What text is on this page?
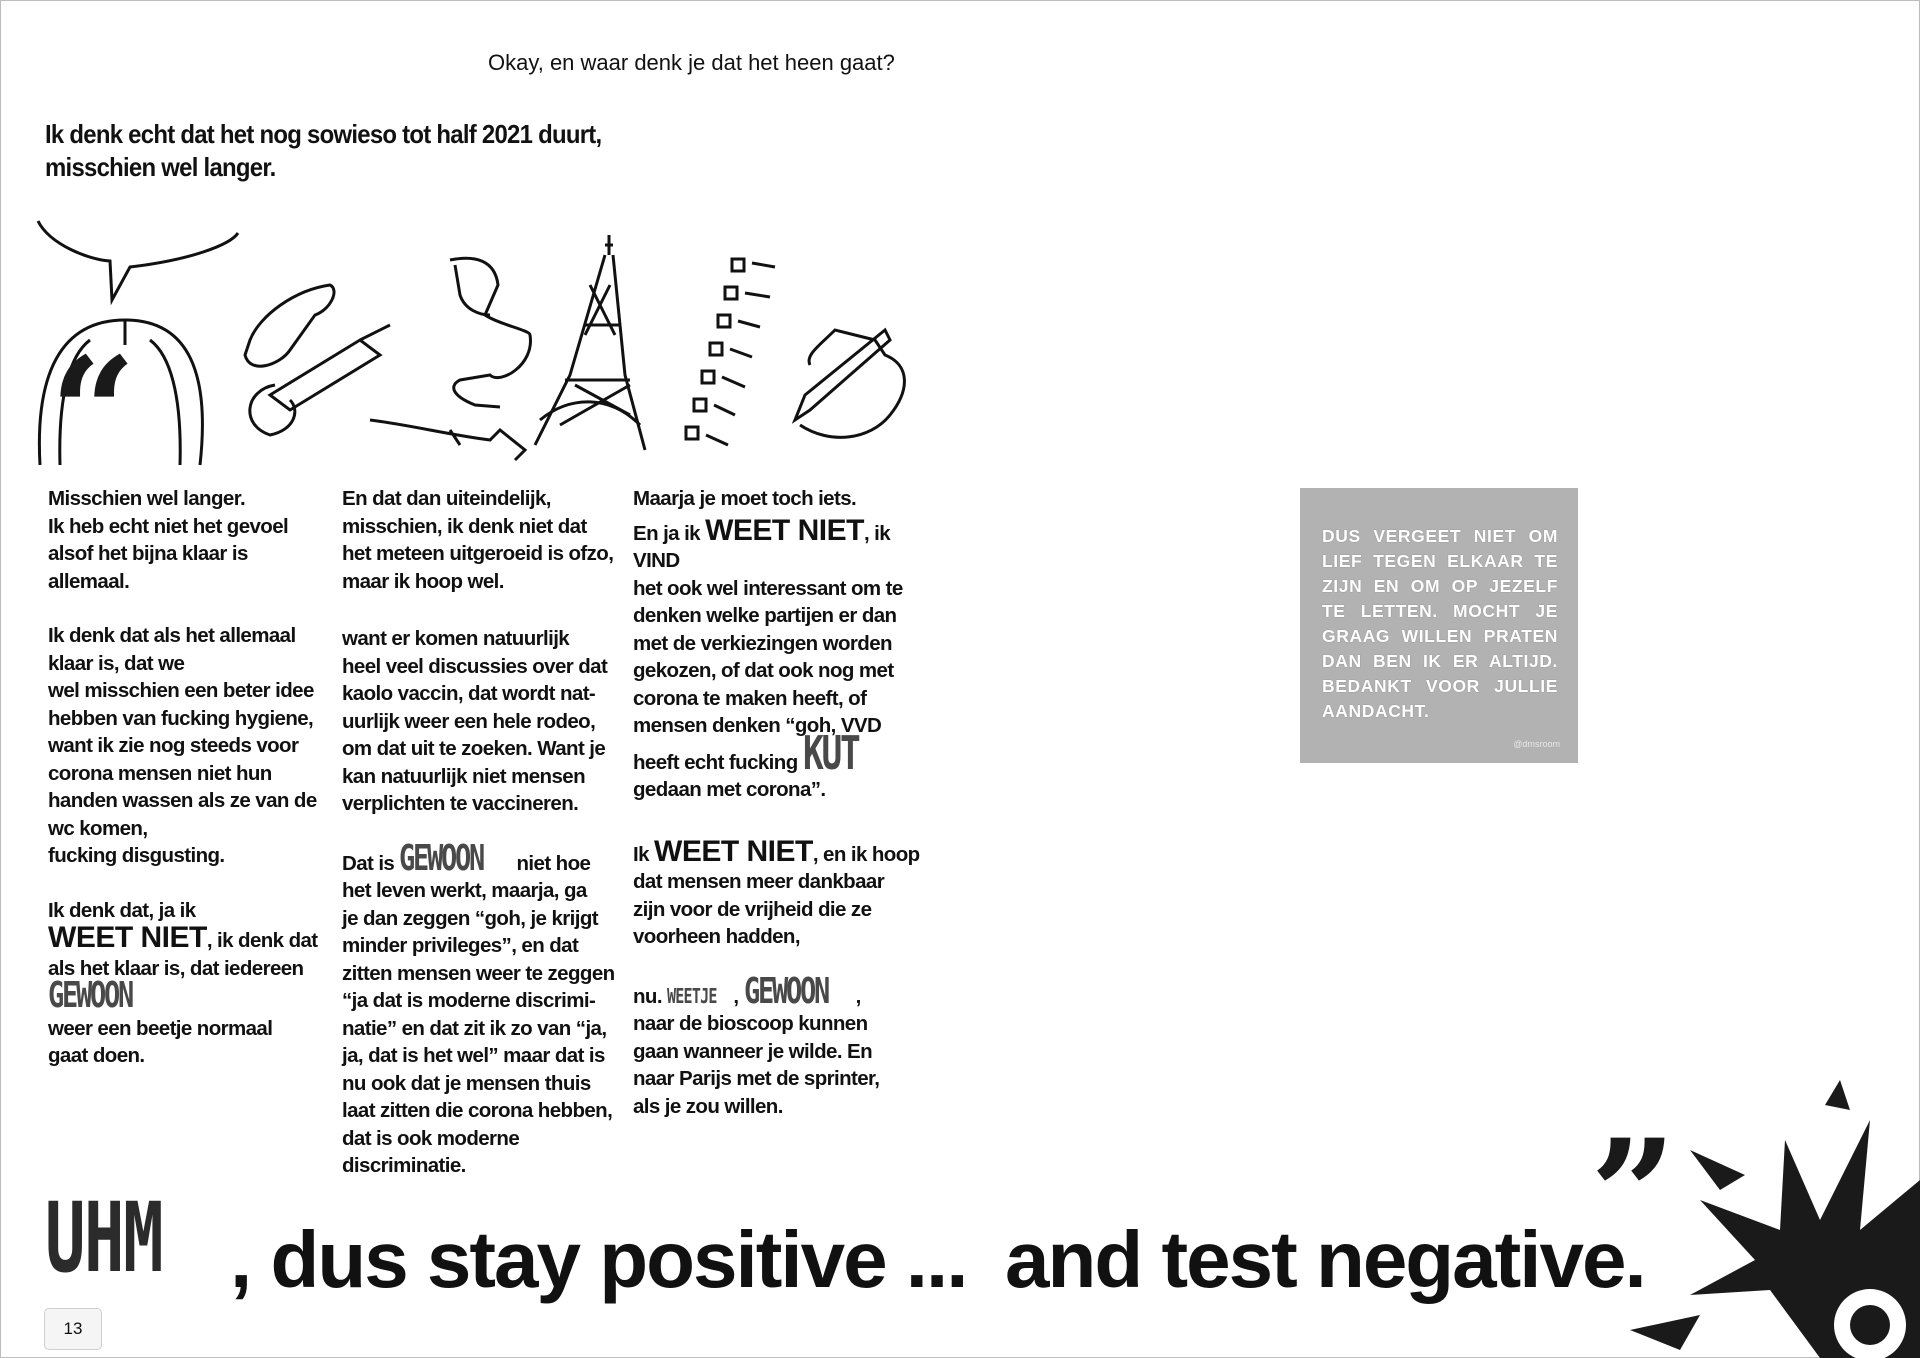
Okay, en waar denk je dat het heen gaat?
Ik denk echt dat het nog sowieso tot half 2021 duurt,
misschien wel langer.
“

Misschien wel langer.
Ik heb echt niet het gevoel
alsof het bijna klaar is
allemaal.

Ik denk dat als het allemaal
klaar is, dat we
wel misschien een beter idee
hebben van fucking hygiene,
want ik zie nog steeds voor
corona mensen niet hun
handen wassen als ze van de
wc komen,
fucking disgusting.

Ik denk dat, ja ik
WEET NIET, ik denk dat
als het klaar is, dat iedereen
GEWOON
weer een beetje normaal
gaat doen.

En dat dan uiteindelijk,
misschien, ik denk niet dat
het meteen uitgeroeid is ofzo,
maar ik hoop wel.

want er komen natuurlijk
heel veel discussies over dat
kaolo vaccin, dat wordt nat-
uurlijk weer een hele rodeo,
om dat uit te zoeken. Want je
kan natuurlijk niet mensen
verplichten te vaccineren.

Dat is GEWOON niet hoe
het leven werkt, maarja, ga
je dan zeggen “goh, je krijgt
minder privileges”, en dat
zitten mensen weer te zeggen
“ja dat is moderne discrimi-
natie” en dat zit ik zo van “ja,
ja, dat is het wel” maar dat is
nu ook dat je mensen thuis
laat zitten die corona hebben,
dat is ook moderne
discriminatie.

Maarja je moet toch iets.

En ja ik WEET NIET, ik VIND
het ook wel interessant om te
denken welke partijen er dan
met de verkiezingen worden
gekozen, of dat ook nog met
corona te maken heeft, of
mensen denken “goh, VVD
heeft echt fucking KUT
gedaan met corona”.

Ik WEET NIET, en ik hoop
dat mensen meer dankbaar
zijn voor de vrijheid die ze
voorheen hadden,

nu. WEETJE , GEWOON ,
naar de bioscoop kunnen
gaan wanneer je wilde. En
naar Parijs met de sprinter,
als je zou willen.

DUS VERGEET NIET OM LIEF TEGEN ELKAAR TE ZIJN EN OM OP JEZELF TE LETTEN. MOCHT JE GRAAG WILLEN PRATEN DAN BEN IK ER ALTIJD. BEDANKT VOOR JULLIE AANDACHT.
@dmsroom
UHM , dus stay positive ... and test negative.
”
13
